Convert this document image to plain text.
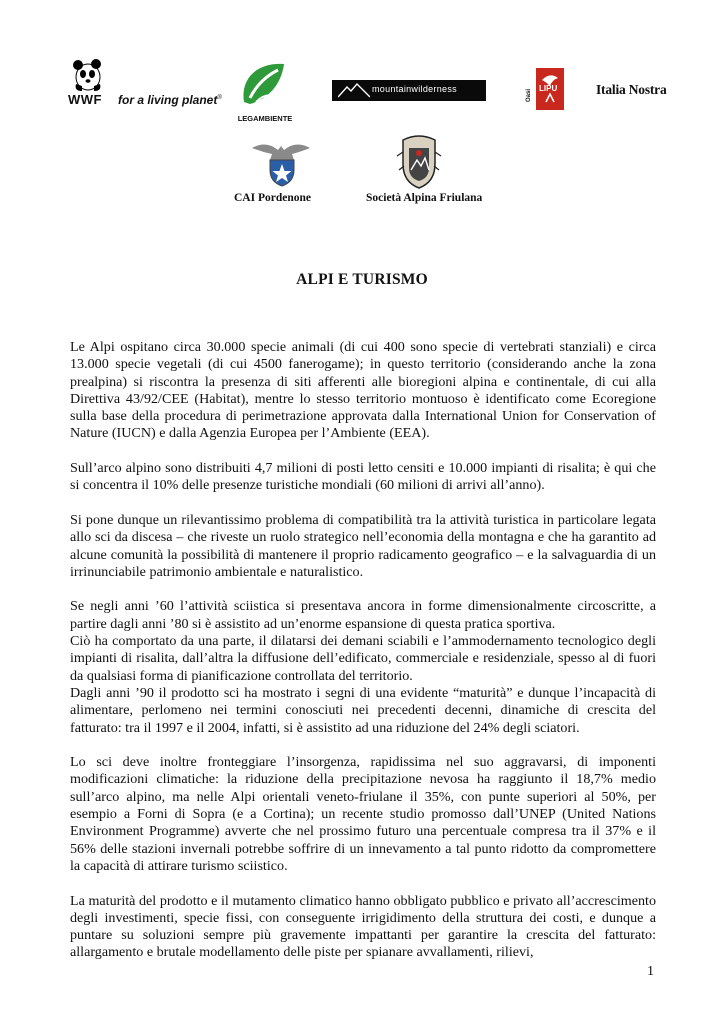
WWF for a living planet®
LEGAMBIENTE
mountainwilderness	Oasi
LIPU	Italia Nostra
CAI Pordenone	Società Alpina Friulana
ALPI E TURISMO

Le Alpi ospitano circa 30.000 specie animali (di cui 400 sono specie di vertebrati stanziali) e circa 13.000 specie vegetali (di cui 4500 fanerogame); in questo territorio (considerando anche la zona prealpina) si riscontra la presenza di siti afferenti alle bioregioni alpina e continentale, di cui alla Direttiva 43/92/CEE (Habitat), mentre lo stesso territorio montuoso è identificato come Ecoregione sulla base della procedura di perimetrazione approvata dalla International Union for Conservation of Nature (IUCN) e dalla Agenzia Europea per l’Ambiente (EEA).

Sull’arco alpino sono distribuiti 4,7 milioni di posti letto censiti e 10.000 impianti di risalita; è qui che si concentra il 10% delle presenze turistiche mondiali (60 milioni di arrivi all’anno).

Si pone dunque un rilevantissimo problema di compatibilità tra la attività turistica in particolare legata allo sci da discesa – che riveste un ruolo strategico nell’economia della montagna e che ha garantito ad alcune comunità la possibilità di mantenere il proprio radicamento geografico – e la salvaguardia di un irrinunciabile patrimonio ambientale e naturalistico.

Se negli anni ’60 l’attività sciistica si presentava ancora in forme dimensionalmente circoscritte, a partire dagli anni ’80 si è assistito ad un’enorme espansione di questa pratica sportiva.

Ciò ha comportato da una parte, il dilatarsi dei demani sciabili e l’ammodernamento tecnologico degli impianti di risalita, dall’altra la diffusione dell’edificato, commerciale e residenziale, spesso al di fuori da qualsiasi forma di pianificazione controllata del territorio.

Dagli anni ’90 il prodotto sci ha mostrato i segni di una evidente “maturità” e dunque l’incapacità di alimentare, perlomeno nei termini conosciuti nei precedenti decenni, dinamiche di crescita del fatturato: tra il 1997 e il 2004, infatti, si è assistito ad una riduzione del 24% degli sciatori.

Lo sci deve inoltre fronteggiare l’insorgenza, rapidissima nel suo aggravarsi, di imponenti modificazioni climatiche: la riduzione della precipitazione nevosa ha raggiunto il 18,7% medio sull’arco alpino, ma nelle Alpi orientali veneto-friulane il 35%, con punte superiori al 50%, per esempio a Forni di Sopra (e a Cortina); un recente studio promosso dall’UNEP (United Nations Environment Programme) avverte che nel prossimo futuro una percentuale compresa tra il 37% e il 56% delle stazioni invernali potrebbe soffrire di un innevamento a tal punto ridotto da compromettere la capacità di attirare turismo sciistico.

La maturità del prodotto e il mutamento climatico hanno obbligato pubblico e privato all’accrescimento degli investimenti, specie fissi, con conseguente irrigidimento della struttura dei costi, e dunque a puntare su soluzioni sempre più gravemente impattanti per garantire la crescita del fatturato: allargamento e brutale modellamento delle piste per spianare avvallamenti, rilievi,

1
